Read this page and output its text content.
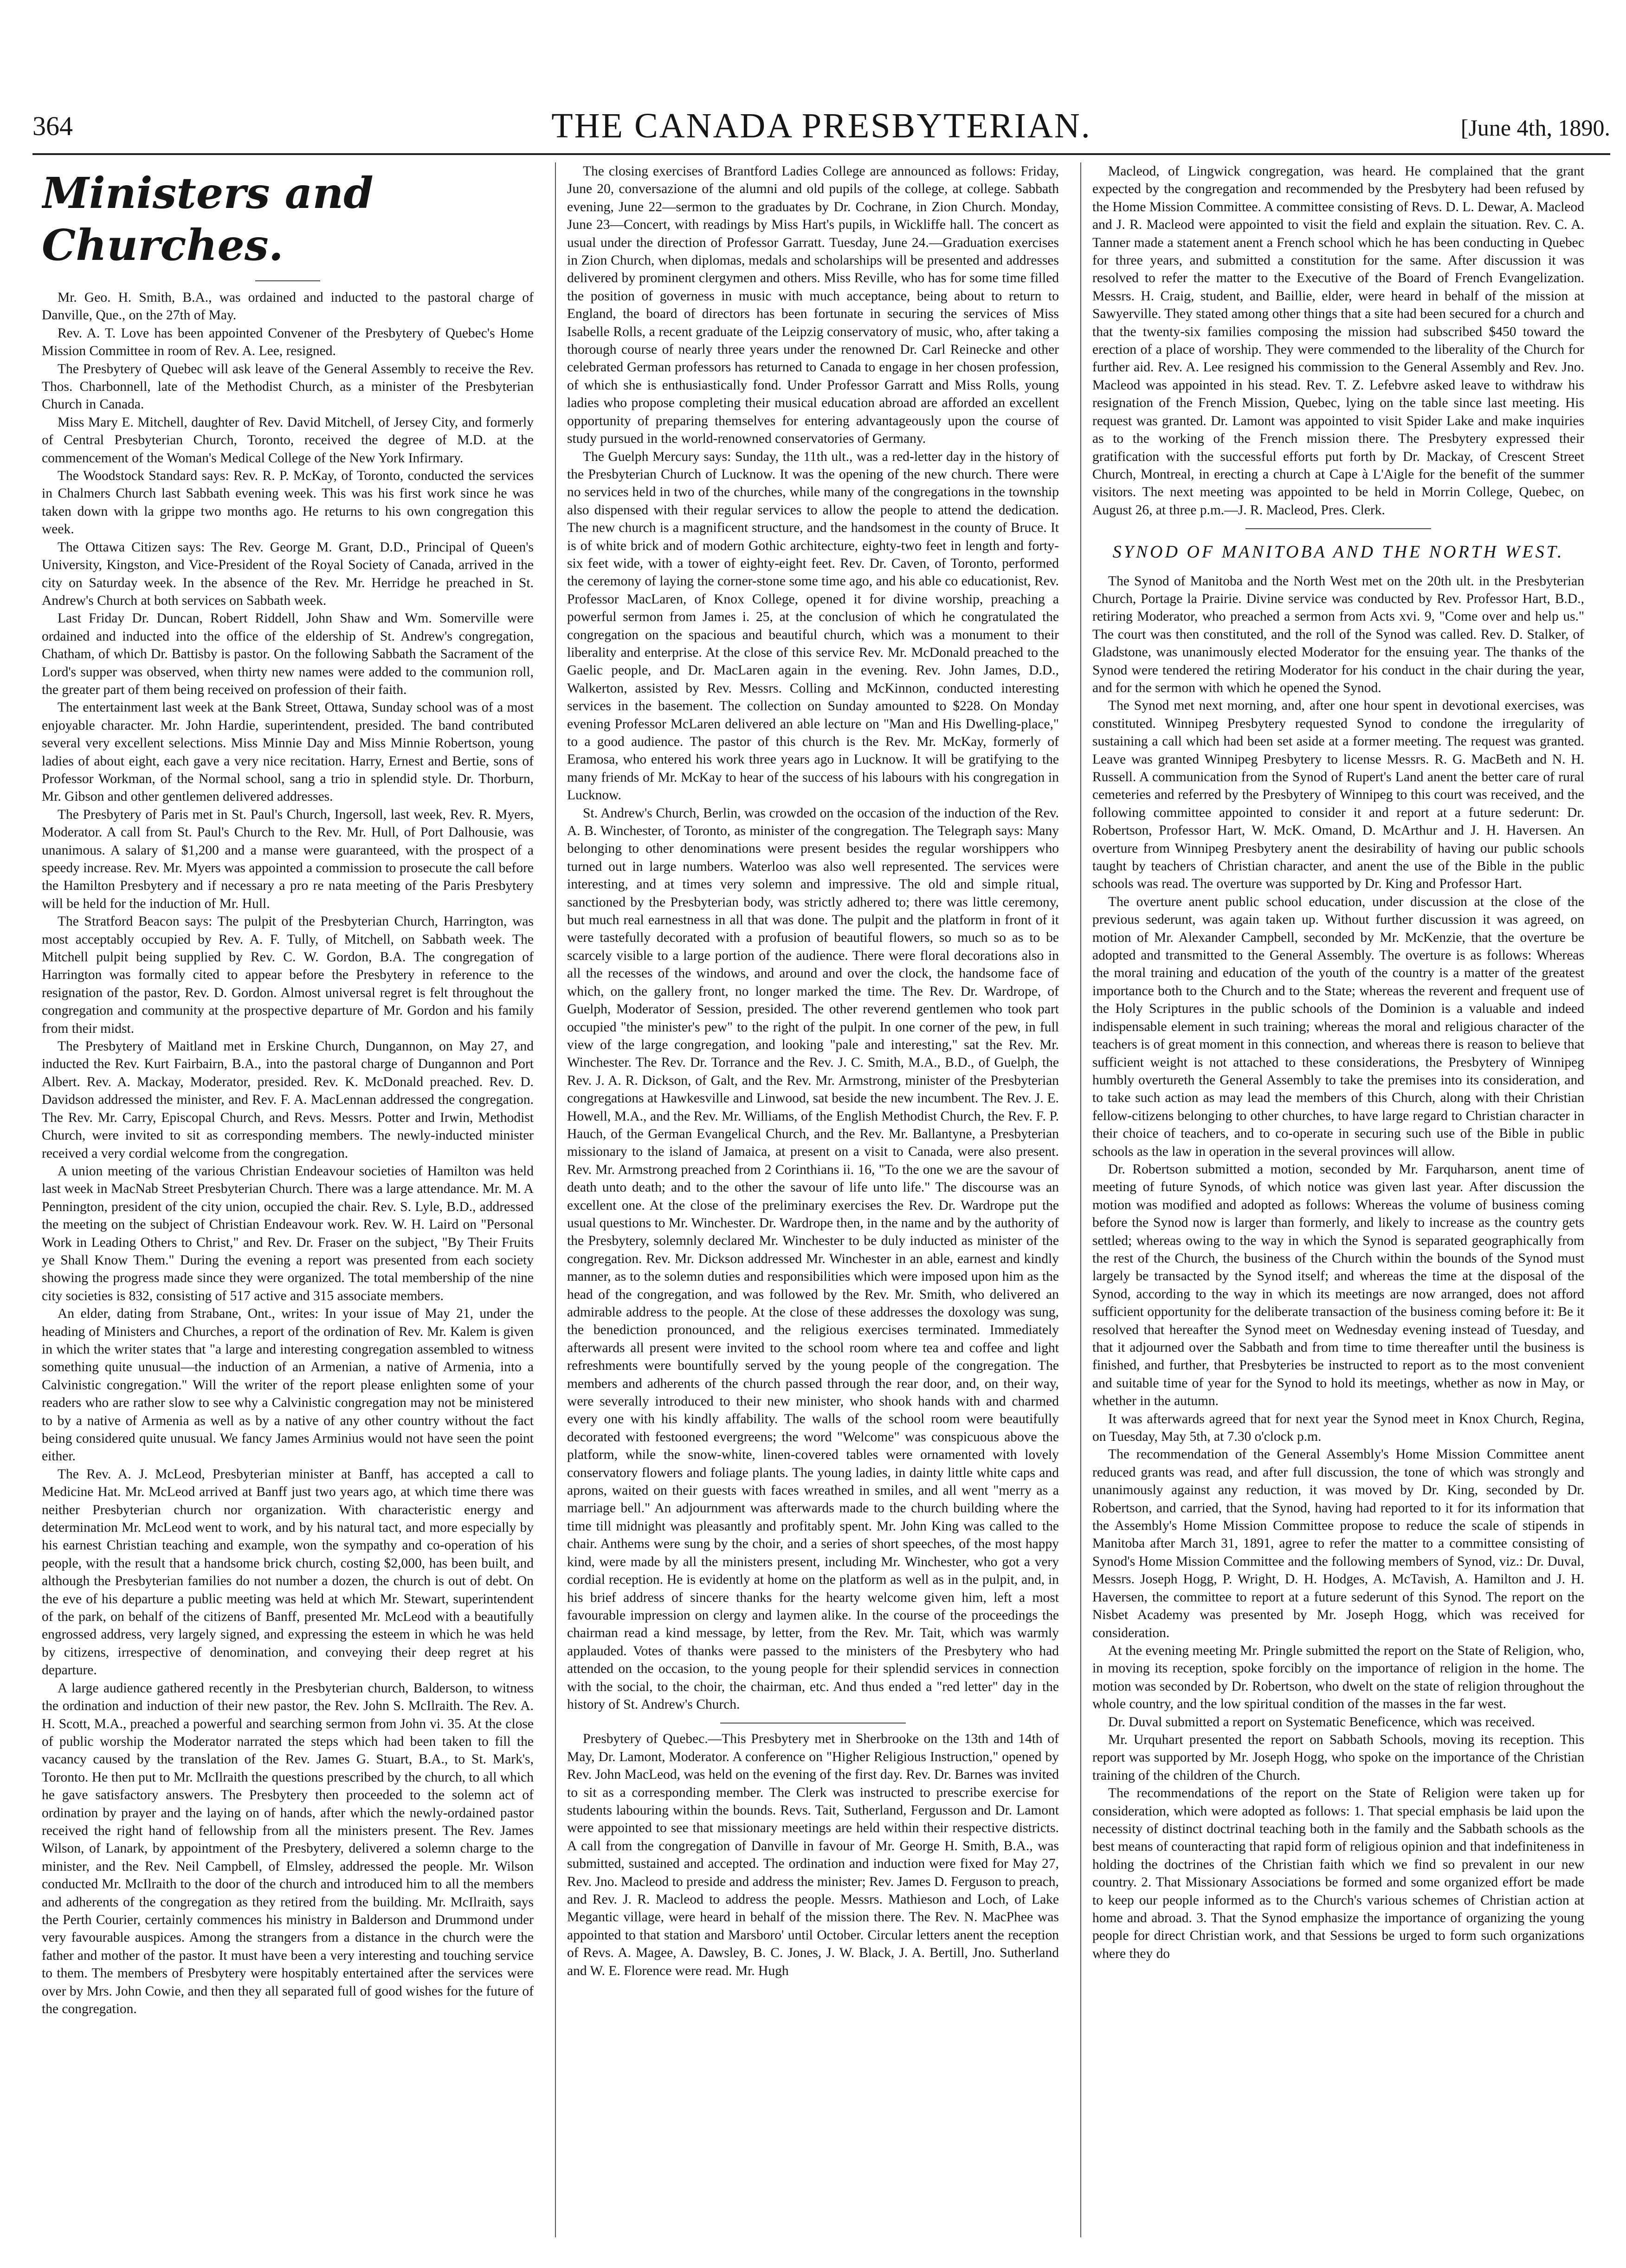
364	THE CANADA PRESBYTERIAN.	[June 4th, 1890.
Ministers and Churches.

Mr. Geo. H. Smith, B.A., was ordained and inducted to the pastoral charge of Danville, Que., on the 27th of May.

Rev. A. T. Love has been appointed Convener of the Presbytery of Quebec's Home Mission Committee in room of Rev. A. Lee, resigned.

The Presbytery of Quebec will ask leave of the General Assembly to receive the Rev. Thos. Charbonnell, late of the Methodist Church, as a minister of the Presbyterian Church in Canada.

Miss Mary E. Mitchell, daughter of Rev. David Mitchell, of Jersey City, and formerly of Central Presbyterian Church, Toronto, received the degree of M.D. at the commencement of the Woman's Medical College of the New York Infirmary.

The Woodstock Standard says: Rev. R. P. McKay, of Toronto, conducted the services in Chalmers Church last Sabbath evening week. This was his first work since he was taken down with la grippe two months ago. He returns to his own congregation this week.

The Ottawa Citizen says: The Rev. George M. Grant, D.D., Principal of Queen's University, Kingston, and Vice-President of the Royal Society of Canada, arrived in the city on Saturday week. In the absence of the Rev. Mr. Herridge he preached in St. Andrew's Church at both services on Sabbath week.

Last Friday Dr. Duncan, Robert Riddell, John Shaw and Wm. Somerville were ordained and inducted into the office of the eldership of St. Andrew's congregation, Chatham, of which Dr. Battisby is pastor. On the following Sabbath the Sacrament of the Lord's supper was observed, when thirty new names were added to the communion roll, the greater part of them being received on profession of their faith.

The entertainment last week at the Bank Street, Ottawa, Sunday school was of a most enjoyable character. Mr. John Hardie, superintendent, presided. The band contributed several very excellent selections. Miss Minnie Day and Miss Minnie Robertson, young ladies of about eight, each gave a very nice recitation. Harry, Ernest and Bertie, sons of Professor Workman, of the Normal school, sang a trio in splendid style. Dr. Thorburn, Mr. Gibson and other gentlemen delivered addresses.

The Presbytery of Paris met in St. Paul's Church, Ingersoll, last week, Rev. R. Myers, Moderator. A call from St. Paul's Church to the Rev. Mr. Hull, of Port Dalhousie, was unanimous. A salary of $1,200 and a manse were guaranteed, with the prospect of a speedy increase. Rev. Mr. Myers was appointed a commission to prosecute the call before the Hamilton Presbytery and if necessary a pro re nata meeting of the Paris Presbytery will be held for the induction of Mr. Hull.

The Stratford Beacon says: The pulpit of the Presbyterian Church, Harrington, was most acceptably occupied by Rev. A. F. Tully, of Mitchell, on Sabbath week. The Mitchell pulpit being supplied by Rev. C. W. Gordon, B.A. The congregation of Harrington was formally cited to appear before the Presbytery in reference to the resignation of the pastor, Rev. D. Gordon. Almost universal regret is felt throughout the congregation and community at the prospective departure of Mr. Gordon and his family from their midst.

The Presbytery of Maitland met in Erskine Church, Dungannon, on May 27, and inducted the Rev. Kurt Fairbairn, B.A., into the pastoral charge of Dungannon and Port Albert. Rev. A. Mackay, Moderator, presided. Rev. K. McDonald preached. Rev. D. Davidson addressed the minister, and Rev. F. A. MacLennan addressed the congregation. The Rev. Mr. Carry, Episcopal Church, and Revs. Messrs. Potter and Irwin, Methodist Church, were invited to sit as corresponding members. The newly-inducted minister received a very cordial welcome from the congregation.

A union meeting of the various Christian Endeavour societies of Hamilton was held last week in MacNab Street Presbyterian Church. There was a large attendance. Mr. M. A Pennington, president of the city union, occupied the chair. Rev. S. Lyle, B.D., addressed the meeting on the subject of Christian Endeavour work. Rev. W. H. Laird on "Personal Work in Leading Others to Christ," and Rev. Dr. Fraser on the subject, "By Their Fruits ye Shall Know Them." During the evening a report was presented from each society showing the progress made since they were organized. The total membership of the nine city societies is 832, consisting of 517 active and 315 associate members.

An elder, dating from Strabane, Ont., writes: In your issue of May 21, under the heading of Ministers and Churches, a report of the ordination of Rev. Mr. Kalem is given in which the writer states that "a large and interesting congregation assembled to witness something quite unusual—the induction of an Armenian, a native of Armenia, into a Calvinistic congregation." Will the writer of the report please enlighten some of your readers who are rather slow to see why a Calvinistic congregation may not be ministered to by a native of Armenia as well as by a native of any other country without the fact being considered quite unusual. We fancy James Arminius would not have seen the point either.

The Rev. A. J. McLeod, Presbyterian minister at Banff, has accepted a call to Medicine Hat. Mr. McLeod arrived at Banff just two years ago, at which time there was neither Presbyterian church nor organization. With characteristic energy and determination Mr. McLeod went to work, and by his natural tact, and more especially by his earnest Christian teaching and example, won the sympathy and co-operation of his people, with the result that a handsome brick church, costing $2,000, has been built, and although the Presbyterian families do not number a dozen, the church is out of debt. On the eve of his departure a public meeting was held at which Mr. Stewart, superintendent of the park, on behalf of the citizens of Banff, presented Mr. McLeod with a beautifully engrossed address, very largely signed, and expressing the esteem in which he was held by citizens, irrespective of denomination, and conveying their deep regret at his departure.

A large audience gathered recently in the Presbyterian church, Balderson, to witness the ordination and induction of their new pastor, the Rev. John S. McIlraith. The Rev. A. H. Scott, M.A., preached a powerful and searching sermon from John vi. 35. At the close of public worship the Moderator narrated the steps which had been taken to fill the vacancy caused by the translation of the Rev. James G. Stuart, B.A., to St. Mark's, Toronto. He then put to Mr. McIlraith the questions prescribed by the church, to all which he gave satisfactory answers. The Presbytery then proceeded to the solemn act of ordination by prayer and the laying on of hands, after which the newly-ordained pastor received the right hand of fellowship from all the ministers present. The Rev. James Wilson, of Lanark, by appointment of the Presbytery, delivered a solemn charge to the minister, and the Rev. Neil Campbell, of Elmsley, addressed the people. Mr. Wilson conducted Mr. McIlraith to the door of the church and introduced him to all the members and adherents of the congregation as they retired from the building. Mr. McIlraith, says the Perth Courier, certainly commences his ministry in Balderson and Drummond under very favourable auspices. Among the strangers from a distance in the church were the father and mother of the pastor. It must have been a very interesting and touching service to them. The members of Presbytery were hospitably entertained after the services were over by Mrs. John Cowie, and then they all separated full of good wishes for the future of the congregation.

The closing exercises of Brantford Ladies College are announced as follows: Friday, June 20, conversazione of the alumni and old pupils of the college, at college. Sabbath evening, June 22—sermon to the graduates by Dr. Cochrane, in Zion Church. Monday, June 23—Concert, with readings by Miss Hart's pupils, in Wickliffe hall. The concert as usual under the direction of Professor Garratt. Tuesday, June 24.—Graduation exercises in Zion Church, when diplomas, medals and scholarships will be presented and addresses delivered by prominent clergymen and others. Miss Reville, who has for some time filled the position of governess in music with much acceptance, being about to return to England, the board of directors has been fortunate in securing the services of Miss Isabelle Rolls, a recent graduate of the Leipzig conservatory of music, who, after taking a thorough course of nearly three years under the renowned Dr. Carl Reinecke and other celebrated German professors has returned to Canada to engage in her chosen profession, of which she is enthusiastically fond. Under Professor Garratt and Miss Rolls, young ladies who propose completing their musical education abroad are afforded an excellent opportunity of preparing themselves for entering advantageously upon the course of study pursued in the world-renowned conservatories of Germany.

The Guelph Mercury says: Sunday, the 11th ult., was a red-letter day in the history of the Presbyterian Church of Lucknow. It was the opening of the new church. There were no services held in two of the churches, while many of the congregations in the township also dispensed with their regular services to allow the people to attend the dedication. The new church is a magnificent structure, and the handsomest in the county of Bruce. It is of white brick and of modern Gothic architecture, eighty-two feet in length and forty-six feet wide, with a tower of eighty-eight feet. Rev. Dr. Caven, of Toronto, performed the ceremony of laying the corner-stone some time ago, and his able co educationist, Rev. Professor MacLaren, of Knox College, opened it for divine worship, preaching a powerful sermon from James i. 25, at the conclusion of which he congratulated the congregation on the spacious and beautiful church, which was a monument to their liberality and enterprise. At the close of this service Rev. Mr. McDonald preached to the Gaelic people, and Dr. MacLaren again in the evening. Rev. John James, D.D., Walkerton, assisted by Rev. Messrs. Colling and McKinnon, conducted interesting services in the basement. The collection on Sunday amounted to $228. On Monday evening Professor McLaren delivered an able lecture on "Man and His Dwelling-place," to a good audience. The pastor of this church is the Rev. Mr. McKay, formerly of Eramosa, who entered his work three years ago in Lucknow. It will be gratifying to the many friends of Mr. McKay to hear of the success of his labours with his congregation in Lucknow.

St. Andrew's Church, Berlin, was crowded on the occasion of the induction of the Rev. A. B. Winchester, of Toronto, as minister of the congregation. The Telegraph says: Many belonging to other denominations were present besides the regular worshippers who turned out in large numbers. Waterloo was also well represented. The services were interesting, and at times very solemn and impressive. The old and simple ritual, sanctioned by the Presbyterian body, was strictly adhered to; there was little ceremony, but much real earnestness in all that was done. The pulpit and the platform in front of it were tastefully decorated with a profusion of beautiful flowers, so much so as to be scarcely visible to a large portion of the audience. There were floral decorations also in all the recesses of the windows, and around and over the clock, the handsome face of which, on the gallery front, no longer marked the time. The Rev. Dr. Wardrope, of Guelph, Moderator of Session, presided. The other reverend gentlemen who took part occupied "the minister's pew" to the right of the pulpit. In one corner of the pew, in full view of the large congregation, and looking "pale and interesting," sat the Rev. Mr. Winchester. The Rev. Dr. Torrance and the Rev. J. C. Smith, M.A., B.D., of Guelph, the Rev. J. A. R. Dickson, of Galt, and the Rev. Mr. Armstrong, minister of the Presbyterian congregations at Hawkesville and Linwood, sat beside the new incumbent. The Rev. J. E. Howell, M.A., and the Rev. Mr. Williams, of the English Methodist Church, the Rev. F. P. Hauch, of the German Evangelical Church, and the Rev. Mr. Ballantyne, a Presbyterian missionary to the island of Jamaica, at present on a visit to Canada, were also present. Rev. Mr. Armstrong preached from 2 Corinthians ii. 16, "To the one we are the savour of death unto death; and to the other the savour of life unto life." The discourse was an excellent one. At the close of the preliminary exercises the Rev. Dr. Wardrope put the usual questions to Mr. Winchester. Dr. Wardrope then, in the name and by the authority of the Presbytery, solemnly declared Mr. Winchester to be duly inducted as minister of the congregation. Rev. Mr. Dickson addressed Mr. Winchester in an able, earnest and kindly manner, as to the solemn duties and responsibilities which were imposed upon him as the head of the congregation, and was followed by the Rev. Mr. Smith, who delivered an admirable address to the people. At the close of these addresses the doxology was sung, the benediction pronounced, and the religious exercises terminated. Immediately afterwards all present were invited to the school room where tea and coffee and light refreshments were bountifully served by the young people of the congregation. The members and adherents of the church passed through the rear door, and, on their way, were severally introduced to their new minister, who shook hands with and charmed every one with his kindly affability. The walls of the school room were beautifully decorated with festooned evergreens; the word "Welcome" was conspicuous above the platform, while the snow-white, linen-covered tables were ornamented with lovely conservatory flowers and foliage plants. The young ladies, in dainty little white caps and aprons, waited on their guests with faces wreathed in smiles, and all went "merry as a marriage bell." An adjournment was afterwards made to the church building where the time till midnight was pleasantly and profitably spent. Mr. John King was called to the chair. Anthems were sung by the choir, and a series of short speeches, of the most happy kind, were made by all the ministers present, including Mr. Winchester, who got a very cordial reception. He is evidently at home on the platform as well as in the pulpit, and, in his brief address of sincere thanks for the hearty welcome given him, left a most favourable impression on clergy and laymen alike. In the course of the proceedings the chairman read a kind message, by letter, from the Rev. Mr. Tait, which was warmly applauded. Votes of thanks were passed to the ministers of the Presbytery who had attended on the occasion, to the young people for their splendid services in connection with the social, to the choir, the chairman, etc. And thus ended a "red letter" day in the history of St. Andrew's Church.

Presbytery of Quebec.—This Presbytery met in Sherbrooke on the 13th and 14th of May, Dr. Lamont, Moderator. A conference on "Higher Religious Instruction," opened by Rev. John MacLeod, was held on the evening of the first day. Rev. Dr. Barnes was invited to sit as a corresponding member. The Clerk was instructed to prescribe exercise for students labouring within the bounds. Revs. Tait, Sutherland, Fergusson and Dr. Lamont were appointed to see that missionary meetings are held within their respective districts. A call from the congregation of Danville in favour of Mr. George H. Smith, B.A., was submitted, sustained and accepted. The ordination and induction were fixed for May 27, Rev. Jno. Macleod to preside and address the minister; Rev. James D. Ferguson to preach, and Rev. J. R. Macleod to address the people. Messrs. Mathieson and Loch, of Lake Megantic village, were heard in behalf of the mission there. The Rev. N. MacPhee was appointed to that station and Marsboro' until October. Circular letters anent the reception of Revs. A. Magee, A. Dawsley, B. C. Jones, J. W. Black, J. A. Bertill, Jno. Sutherland and W. E. Florence were read. Mr. Hugh

Macleod, of Lingwick congregation, was heard. He complained that the grant expected by the congregation and recommended by the Presbytery had been refused by the Home Mission Committee. A committee consisting of Revs. D. L. Dewar, A. Macleod and J. R. Macleod were appointed to visit the field and explain the situation. Rev. C. A. Tanner made a statement anent a French school which he has been conducting in Quebec for three years, and submitted a constitution for the same. After discussion it was resolved to refer the matter to the Executive of the Board of French Evangelization. Messrs. H. Craig, student, and Baillie, elder, were heard in behalf of the mission at Sawyerville. They stated among other things that a site had been secured for a church and that the twenty-six families composing the mission had subscribed $450 toward the erection of a place of worship. They were commended to the liberality of the Church for further aid. Rev. A. Lee resigned his commission to the General Assembly and Rev. Jno. Macleod was appointed in his stead. Rev. T. Z. Lefebvre asked leave to withdraw his resignation of the French Mission, Quebec, lying on the table since last meeting. His request was granted. Dr. Lamont was appointed to visit Spider Lake and make inquiries as to the working of the French mission there. The Presbytery expressed their gratification with the successful efforts put forth by Dr. Mackay, of Crescent Street Church, Montreal, in erecting a church at Cape à L'Aigle for the benefit of the summer visitors. The next meeting was appointed to be held in Morrin College, Quebec, on August 26, at three p.m.—J. R. Macleod, Pres. Clerk.

SYNOD OF MANITOBA AND THE NORTH WEST.

The Synod of Manitoba and the North West met on the 20th ult. in the Presbyterian Church, Portage la Prairie. Divine service was conducted by Rev. Professor Hart, B.D., retiring Moderator, who preached a sermon from Acts xvi. 9, "Come over and help us." The court was then constituted, and the roll of the Synod was called. Rev. D. Stalker, of Gladstone, was unanimously elected Moderator for the ensuing year. The thanks of the Synod were tendered the retiring Moderator for his conduct in the chair during the year, and for the sermon with which he opened the Synod.

The Synod met next morning, and, after one hour spent in devotional exercises, was constituted. Winnipeg Presbytery requested Synod to condone the irregularity of sustaining a call which had been set aside at a former meeting. The request was granted. Leave was granted Winnipeg Presbytery to license Messrs. R. G. MacBeth and N. H. Russell. A communication from the Synod of Rupert's Land anent the better care of rural cemeteries and referred by the Presbytery of Winnipeg to this court was received, and the following committee appointed to consider it and report at a future sederunt: Dr. Robertson, Professor Hart, W. McK. Omand, D. McArthur and J. H. Haversen. An overture from Winnipeg Presbytery anent the desirability of having our public schools taught by teachers of Christian character, and anent the use of the Bible in the public schools was read. The overture was supported by Dr. King and Professor Hart.

The overture anent public school education, under discussion at the close of the previous sederunt, was again taken up. Without further discussion it was agreed, on motion of Mr. Alexander Campbell, seconded by Mr. McKenzie, that the overture be adopted and transmitted to the General Assembly. The overture is as follows: Whereas the moral training and education of the youth of the country is a matter of the greatest importance both to the Church and to the State; whereas the reverent and frequent use of the Holy Scriptures in the public schools of the Dominion is a valuable and indeed indispensable element in such training; whereas the moral and religious character of the teachers is of great moment in this connection, and whereas there is reason to believe that sufficient weight is not attached to these considerations, the Presbytery of Winnipeg humbly overtureth the General Assembly to take the premises into its consideration, and to take such action as may lead the members of this Church, along with their Christian fellow-citizens belonging to other churches, to have large regard to Christian character in their choice of teachers, and to co-operate in securing such use of the Bible in public schools as the law in operation in the several provinces will allow.

Dr. Robertson submitted a motion, seconded by Mr. Farquharson, anent time of meeting of future Synods, of which notice was given last year. After discussion the motion was modified and adopted as follows: Whereas the volume of business coming before the Synod now is larger than formerly, and likely to increase as the country gets settled; whereas owing to the way in which the Synod is separated geographically from the rest of the Church, the business of the Church within the bounds of the Synod must largely be transacted by the Synod itself; and whereas the time at the disposal of the Synod, according to the way in which its meetings are now arranged, does not afford sufficient opportunity for the deliberate transaction of the business coming before it: Be it resolved that hereafter the Synod meet on Wednesday evening instead of Tuesday, and that it adjourned over the Sabbath and from time to time thereafter until the business is finished, and further, that Presbyteries be instructed to report as to the most convenient and suitable time of year for the Synod to hold its meetings, whether as now in May, or whether in the autumn.

It was afterwards agreed that for next year the Synod meet in Knox Church, Regina, on Tuesday, May 5th, at 7.30 o'clock p.m.

The recommendation of the General Assembly's Home Mission Committee anent reduced grants was read, and after full discussion, the tone of which was strongly and unanimously against any reduction, it was moved by Dr. King, seconded by Dr. Robertson, and carried, that the Synod, having had reported to it for its information that the Assembly's Home Mission Committee propose to reduce the scale of stipends in Manitoba after March 31, 1891, agree to refer the matter to a committee consisting of Synod's Home Mission Committee and the following members of Synod, viz.: Dr. Duval, Messrs. Joseph Hogg, P. Wright, D. H. Hodges, A. McTavish, A. Hamilton and J. H. Haversen, the committee to report at a future sederunt of this Synod. The report on the Nisbet Academy was presented by Mr. Joseph Hogg, which was received for consideration.

At the evening meeting Mr. Pringle submitted the report on the State of Religion, who, in moving its reception, spoke forcibly on the importance of religion in the home. The motion was seconded by Dr. Robertson, who dwelt on the state of religion throughout the whole country, and the low spiritual condition of the masses in the far west.

Dr. Duval submitted a report on Systematic Beneficence, which was received.

Mr. Urquhart presented the report on Sabbath Schools, moving its reception. This report was supported by Mr. Joseph Hogg, who spoke on the importance of the Christian training of the children of the Church.

The recommendations of the report on the State of Religion were taken up for consideration, which were adopted as follows: 1. That special emphasis be laid upon the necessity of distinct doctrinal teaching both in the family and the Sabbath schools as the best means of counteracting that rapid form of religious opinion and that indefiniteness in holding the doctrines of the Christian faith which we find so prevalent in our new country. 2. That Missionary Associations be formed and some organized effort be made to keep our people informed as to the Church's various schemes of Christian action at home and abroad. 3. That the Synod emphasize the importance of organizing the young people for direct Christian work, and that Sessions be urged to form such organizations where they do
